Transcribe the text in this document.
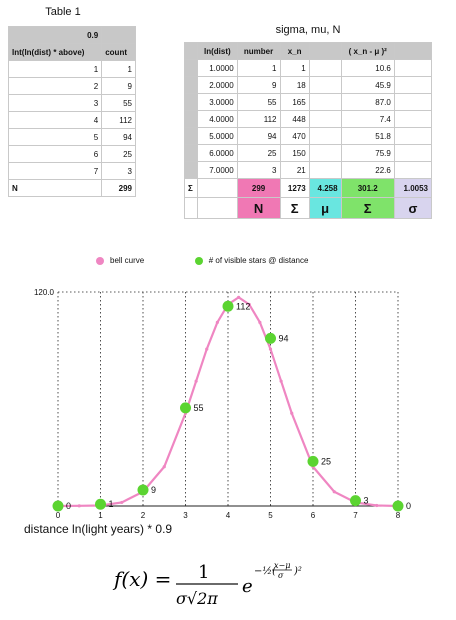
Table 1
0.9	
Int(ln(dist) * above)	count
1	1
2	9
3	55
4	112
5	94
6	25
7	3
N	299
sigma, mu, N
	ln(dist)	number	x_n		( x_n - μ )²	
	1.0000	1	1		10.6	
	2.0000	9	18		45.9	
	3.0000	55	165		87.0	
	4.0000	112	448		7.4	
	5.0000	94	470		51.8	
	6.0000	25	150		75.9	
	7.0000	3	21		22.6	
Σ		299	1273	4.258	301.2	1.0053
		N	Σ	μ	Σ	σ
bell curve	# of visible stars @ distance
120.0
0	1	2	3	4	5	6	7	8
0	1
9
55
112
94
25
3
0
distance ln(light years) * 0.9
f(x) = 1
σ√2π
e
−½(
x−μ
σ )²
